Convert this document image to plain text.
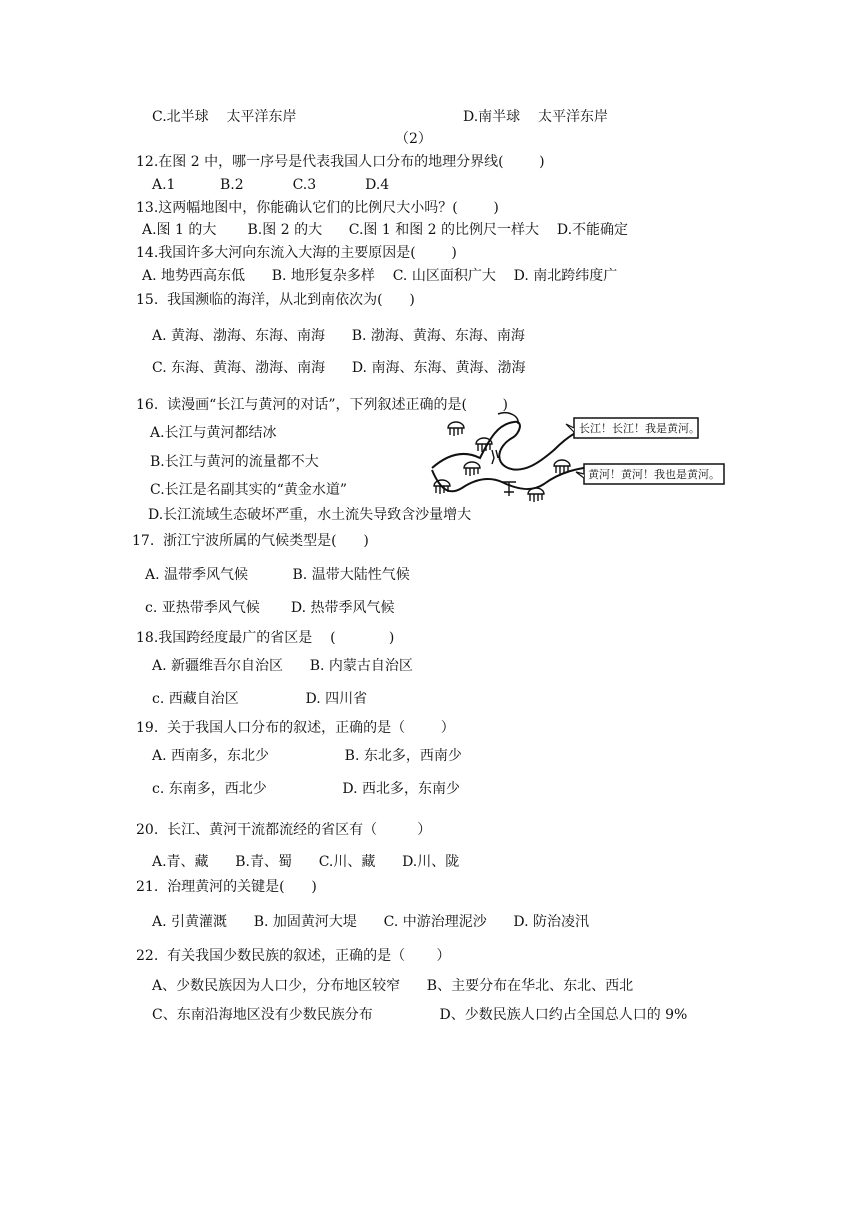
C.北半球    太平洋东岸	D.南半球    太平洋东岸
（2）
12.在图 2 中，哪一序号是代表我国人口分布的地理分界线(        )
A.1          B.2           C.3           D.4
13.这两幅地图中，你能确认它们的比例尺大小吗？(        )
A.图 1 的大       B.图 2 的大      C.图 1 和图 2 的比例尺一样大    D.不能确定
14.我国许多大河向东流入大海的主要原因是(        )
A. 地势西高东低      B. 地形复杂多样    C. 山区面积广大    D. 南北跨纬度广
15.  我国濒临的海洋，从北到南依次为(      )
A. 黄海、渤海、东海、南海      B. 渤海、黄海、东海、南海
C. 东海、黄海、渤海、南海      D. 南海、东海、黄海、渤海
16.  读漫画“长江与黄河的对话”，下列叙述正确的是(        )
A.长江与黄河都结冰
B.长江与黄河的流量都不大
C.长江是名副其实的“黄金水道”
D.长江流域生态破坏严重，水土流失导致含沙量增大
长江！长江！我是黄河。
黄河！黄河！我也是黄河。
17.  浙江宁波所属的气候类型是(      )
A. 温带季风气候          B. 温带大陆性气候
c. 亚热带季风气候       D. 热带季风气候
18.我国跨经度最广的省区是    (            )
A. 新疆维吾尔自治区      B. 内蒙古自治区
c. 西藏自治区               D. 四川省
19.  关于我国人口分布的叙述，正确的是（        ）
A. 西南多，东北少                 B. 东北多，西南少
c. 东南多，西北少                 D. 西北多，东南少
20.  长江、黄河干流都流经的省区有（         ）
A.青、藏      B.青、蜀      C.川、藏      D.川、陇
21.  治理黄河的关键是(      )
A. 引黄灌溉      B. 加固黄河大堤      C. 中游治理泥沙      D. 防治凌汛
22.  有关我国少数民族的叙述，正确的是（       ）
A、少数民族因为人口少，分布地区较窄      B、主要分布在华北、东北、西北
C、东南沿海地区没有少数民族分布               D、少数民族人口约占全国总人口的 9%
